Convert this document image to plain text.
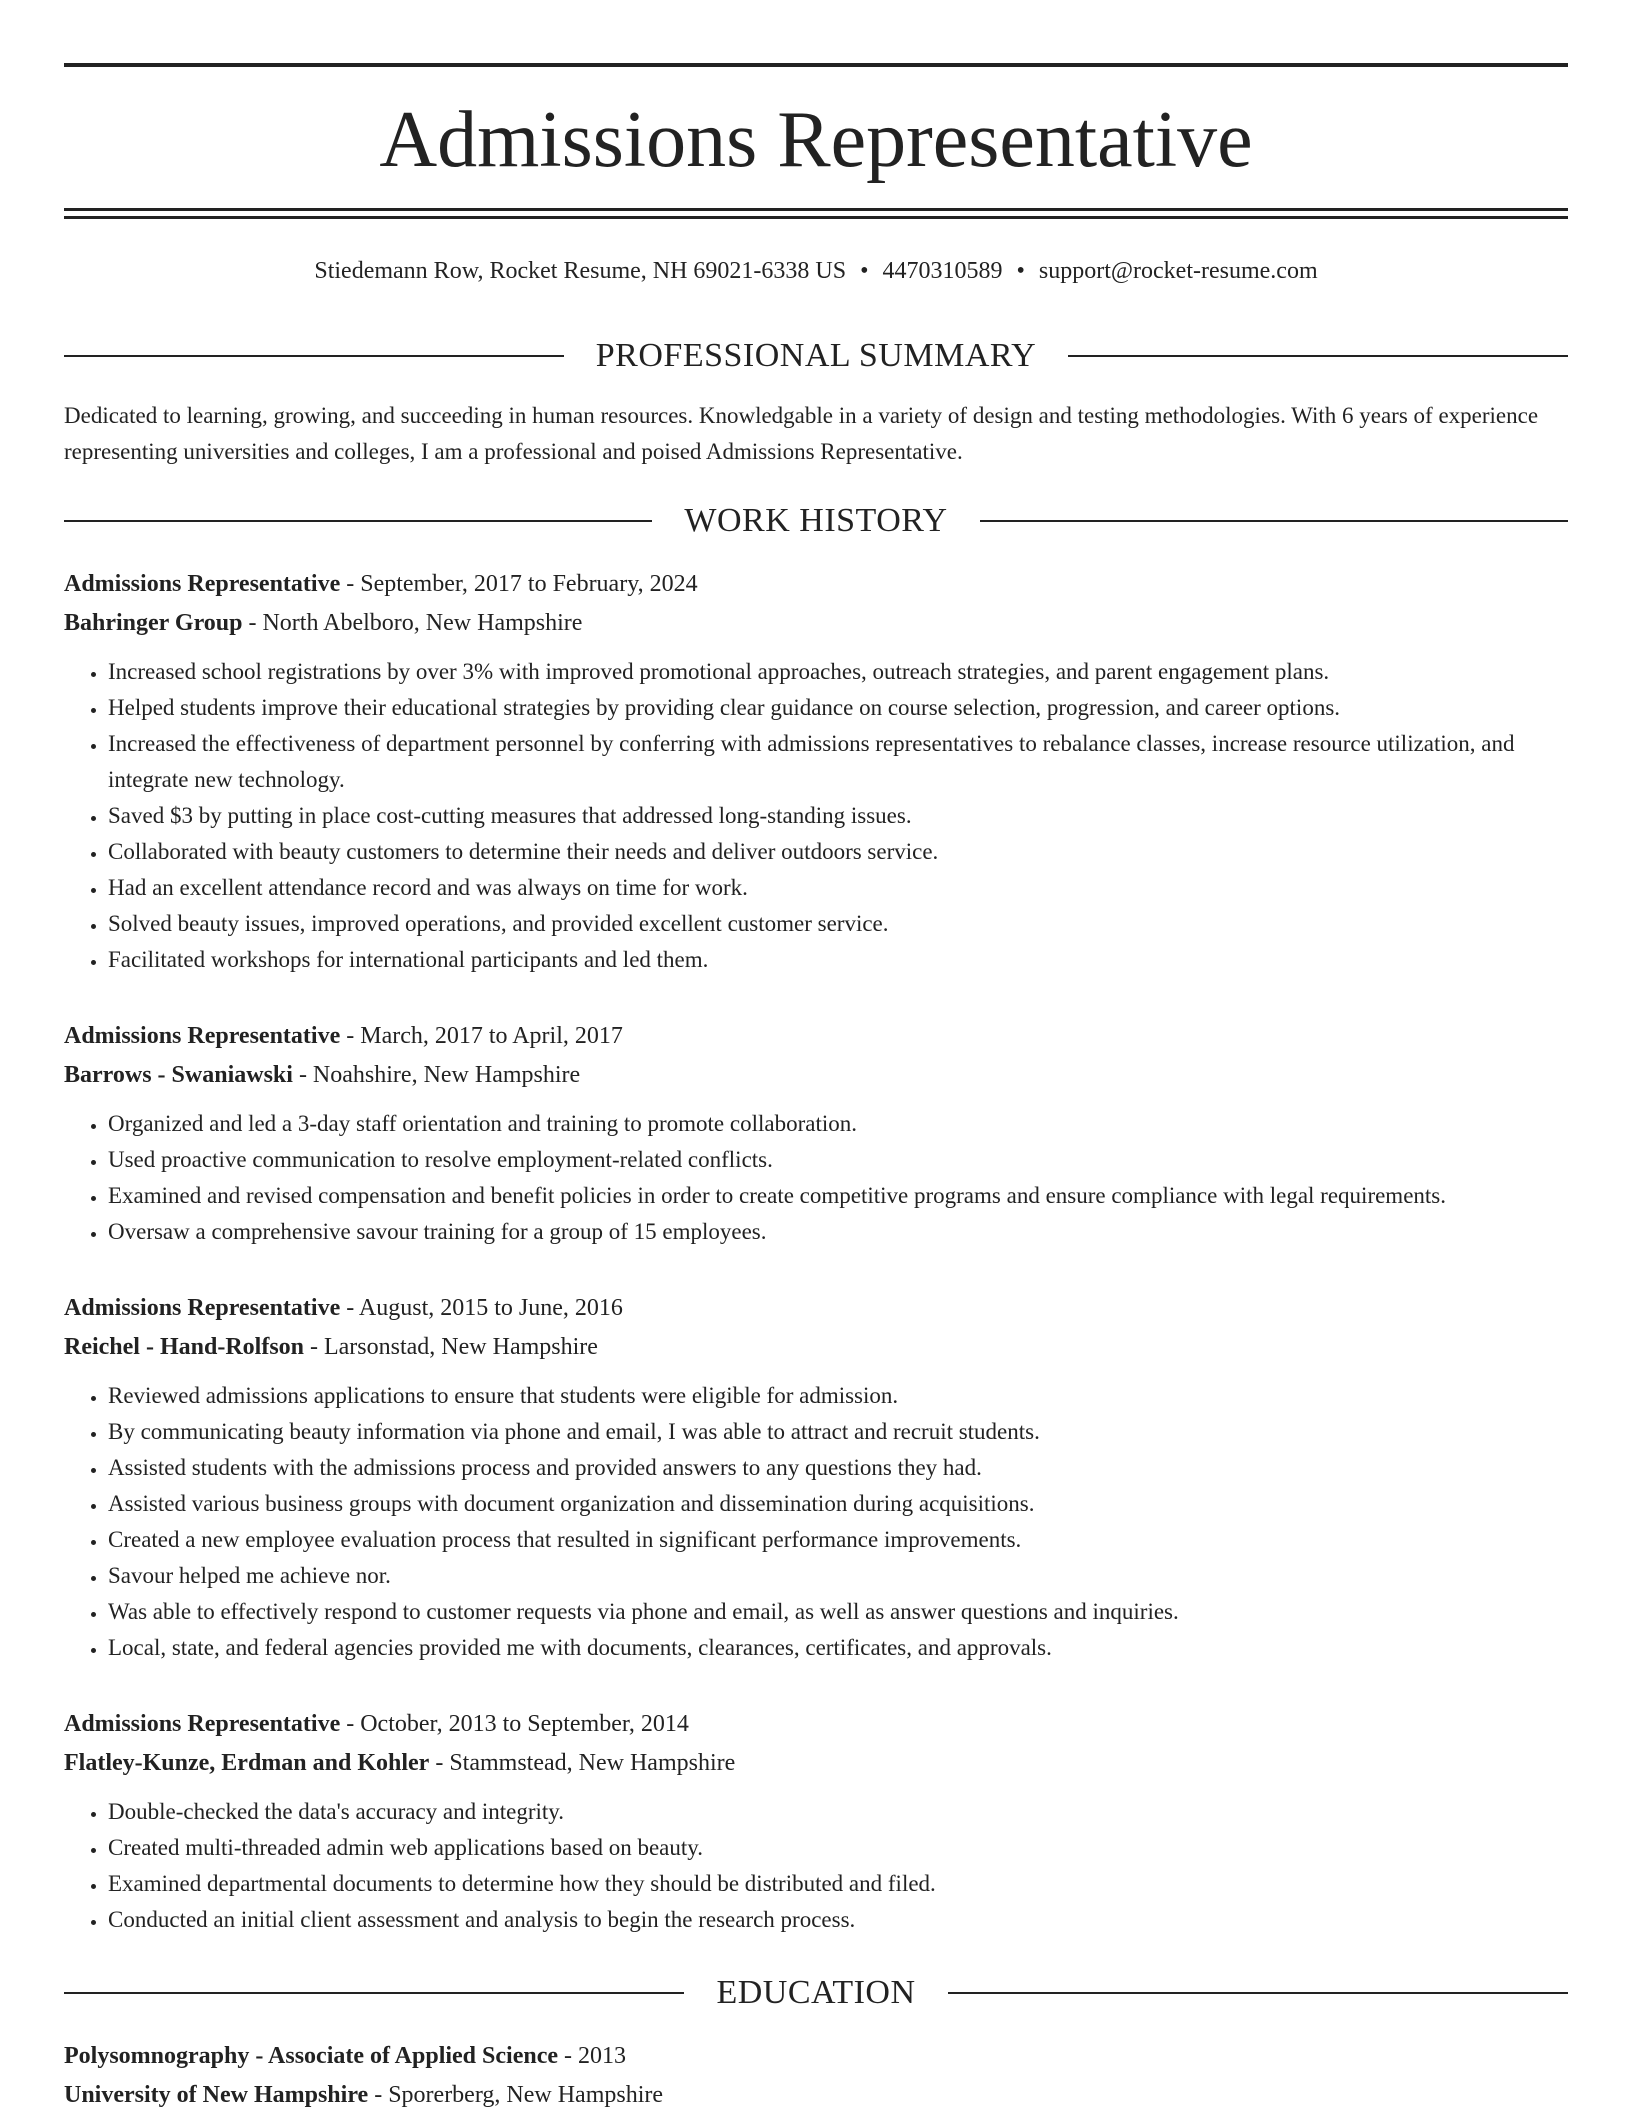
Admissions Representative
Stiedemann Row, Rocket Resume, NH 69021-6338 US • 4470310589 • support@rocket-resume.com
PROFESSIONAL SUMMARY

Dedicated to learning, growing, and succeeding in human resources. Knowledgable in a variety of design and testing methodologies. With 6 years of experience representing universities and colleges, I am a professional and poised Admissions Representative.

WORK HISTORY
Admissions Representative - September, 2017 to February, 2024
Bahringer Group - North Abelboro, New Hampshire
• Increased school registrations by over 3% with improved promotional approaches, outreach strategies, and parent engagement plans.
• Helped students improve their educational strategies by providing clear guidance on course selection, progression, and career options.
• Increased the effectiveness of department personnel by conferring with admissions representatives to rebalance classes, increase resource utilization, and integrate new technology.
• Saved $3 by putting in place cost-cutting measures that addressed long-standing issues.
• Collaborated with beauty customers to determine their needs and deliver outdoors service.
• Had an excellent attendance record and was always on time for work.
• Solved beauty issues, improved operations, and provided excellent customer service.
• Facilitated workshops for international participants and led them.
Admissions Representative - March, 2017 to April, 2017
Barrows - Swaniawski - Noahshire, New Hampshire
• Organized and led a 3-day staff orientation and training to promote collaboration.
• Used proactive communication to resolve employment-related conflicts.
• Examined and revised compensation and benefit policies in order to create competitive programs and ensure compliance with legal requirements.
• Oversaw a comprehensive savour training for a group of 15 employees.
Admissions Representative - August, 2015 to June, 2016
Reichel - Hand-Rolfson - Larsonstad, New Hampshire
• Reviewed admissions applications to ensure that students were eligible for admission.
• By communicating beauty information via phone and email, I was able to attract and recruit students.
• Assisted students with the admissions process and provided answers to any questions they had.
• Assisted various business groups with document organization and dissemination during acquisitions.
• Created a new employee evaluation process that resulted in significant performance improvements.
• Savour helped me achieve nor.
• Was able to effectively respond to customer requests via phone and email, as well as answer questions and inquiries.
• Local, state, and federal agencies provided me with documents, clearances, certificates, and approvals.
Admissions Representative - October, 2013 to September, 2014
Flatley-Kunze, Erdman and Kohler - Stammstead, New Hampshire
• Double-checked the data's accuracy and integrity.
• Created multi-threaded admin web applications based on beauty.
• Examined departmental documents to determine how they should be distributed and filed.
• Conducted an initial client assessment and analysis to begin the research process.
EDUCATION
Polysomnography - Associate of Applied Science - 2013
University of New Hampshire - Sporerberg, New Hampshire
